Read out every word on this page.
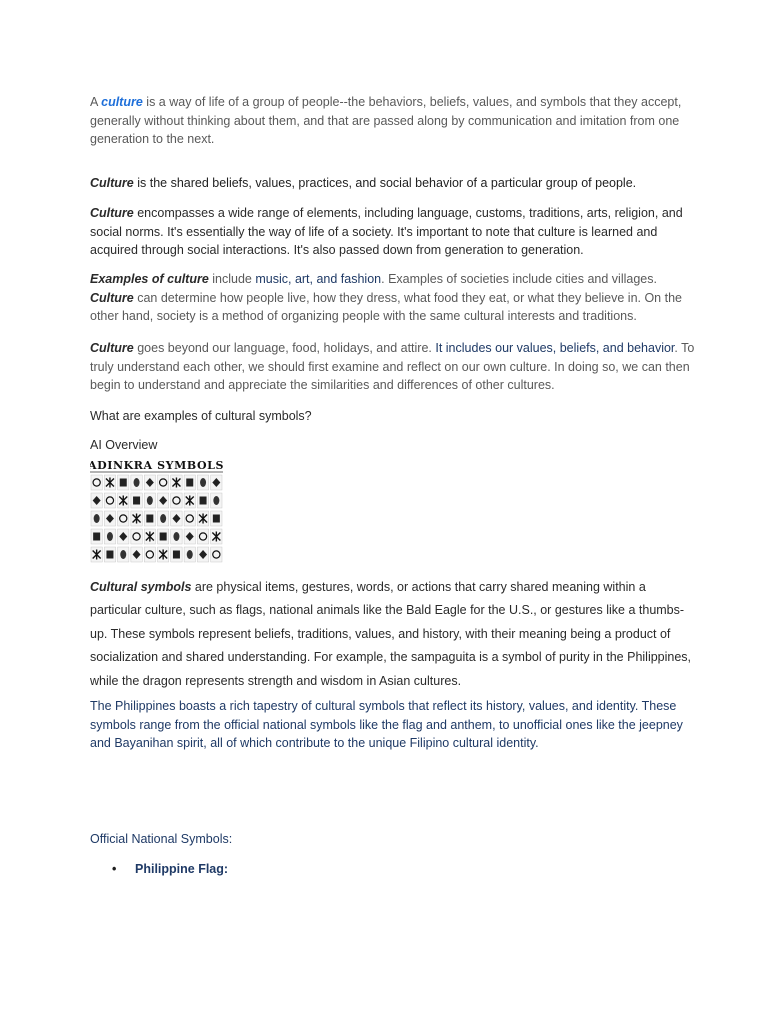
A culture is a way of life of a group of people--the behaviors, beliefs, values, and symbols that they accept, generally without thinking about them, and that are passed along by communication and imitation from one generation to the next.

Culture is the shared beliefs, values, practices, and social behavior of a particular group of people.

Culture encompasses a wide range of elements, including language, customs, traditions, arts, religion, and social norms. It's essentially the way of life of a society. It's important to note that culture is learned and acquired through social interactions. It's also passed down from generation to generation.

Examples of culture include music, art, and fashion. Examples of societies include cities and villages. Culture can determine how people live, how they dress, what food they eat, or what they believe in. On the other hand, society is a method of organizing people with the same cultural interests and traditions.

Culture goes beyond our language, food, holidays, and attire. It includes our values, beliefs, and behavior. To truly understand each other, we should first examine and reflect on our own culture. In doing so, we can then begin to understand and appreciate the similarities and differences of other cultures.

What are examples of cultural symbols?

AI Overview

ADINKRA SYMBOLS

Cultural symbols are physical items, gestures, words, or actions that carry shared meaning within a particular culture, such as flags, national animals like the Bald Eagle for the U.S., or gestures like a thumbs-up. These symbols represent beliefs, traditions, values, and history, with their meaning being a product of socialization and shared understanding. For example, the sampaguita is a symbol of purity in the Philippines, while the dragon represents strength and wisdom in Asian cultures.

The Philippines boasts a rich tapestry of cultural symbols that reflect its history, values, and identity. These symbols range from the official national symbols like the flag and anthem, to unofficial ones like the jeepney and Bayanihan spirit, all of which contribute to the unique Filipino cultural identity.

Official National Symbols:

• Philippine Flag:
